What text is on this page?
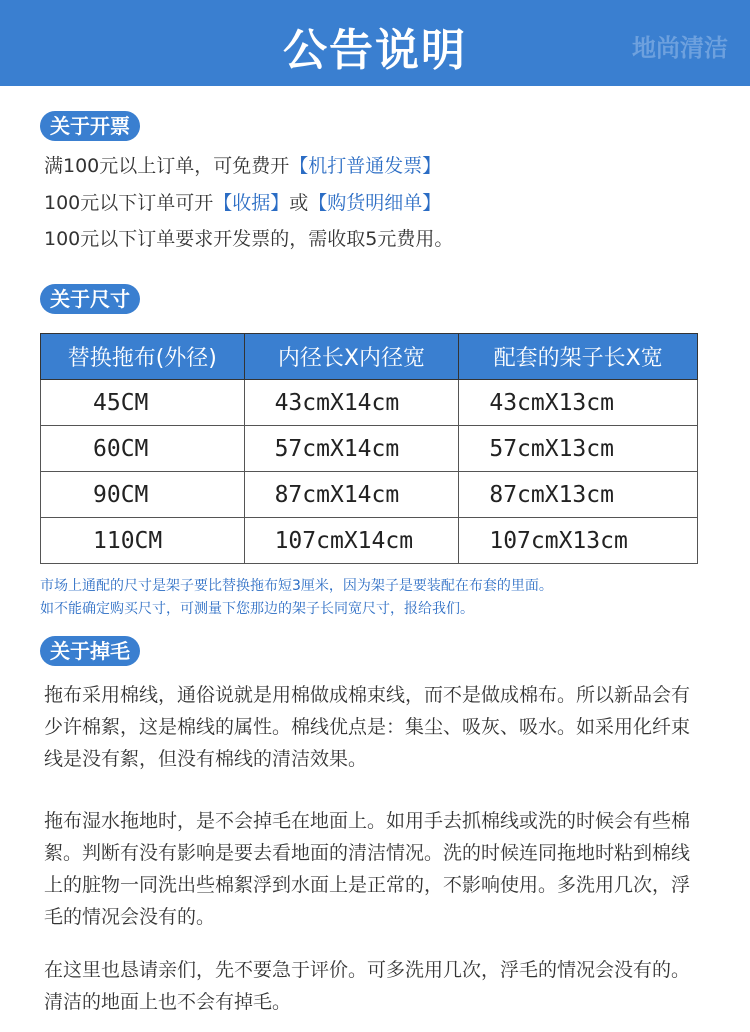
公告说明	地尚清洁
关于开票
满100元以上订单，可免费开【机打普通发票】
100元以下订单可开【收据】或【购货明细单】
100元以下订单要求开发票的，需收取5元费用。
关于尺寸
替换拖布(外径)	内径长X内径宽	配套的架子长X宽
45CM	43cmX14cm	43cmX13cm
60CM	57cmX14cm	57cmX13cm
90CM	87cmX14cm	87cmX13cm
110CM	107cmX14cm	107cmX13cm
市场上通配的尺寸是架子要比替换拖布短3厘米，因为架子是要装配在布套的里面。
如不能确定购买尺寸，可测量下您那边的架子长同宽尺寸，报给我们。
关于掉毛
拖布采用棉线，通俗说就是用棉做成棉束线，而不是做成棉布。所以新品会有少许棉絮，这是棉线的属性。棉线优点是：集尘、吸灰、吸水。如采用化纤束线是没有絮，但没有棉线的清洁效果。
拖布湿水拖地时，是不会掉毛在地面上。如用手去抓棉线或洗的时候会有些棉絮。判断有没有影响是要去看地面的清洁情况。洗的时候连同拖地时粘到棉线上的脏物一同洗出些棉絮浮到水面上是正常的，不影响使用。多洗用几次，浮毛的情况会没有的。
在这里也恳请亲们，先不要急于评价。可多洗用几次，浮毛的情况会没有的。清洁的地面上也不会有掉毛。
